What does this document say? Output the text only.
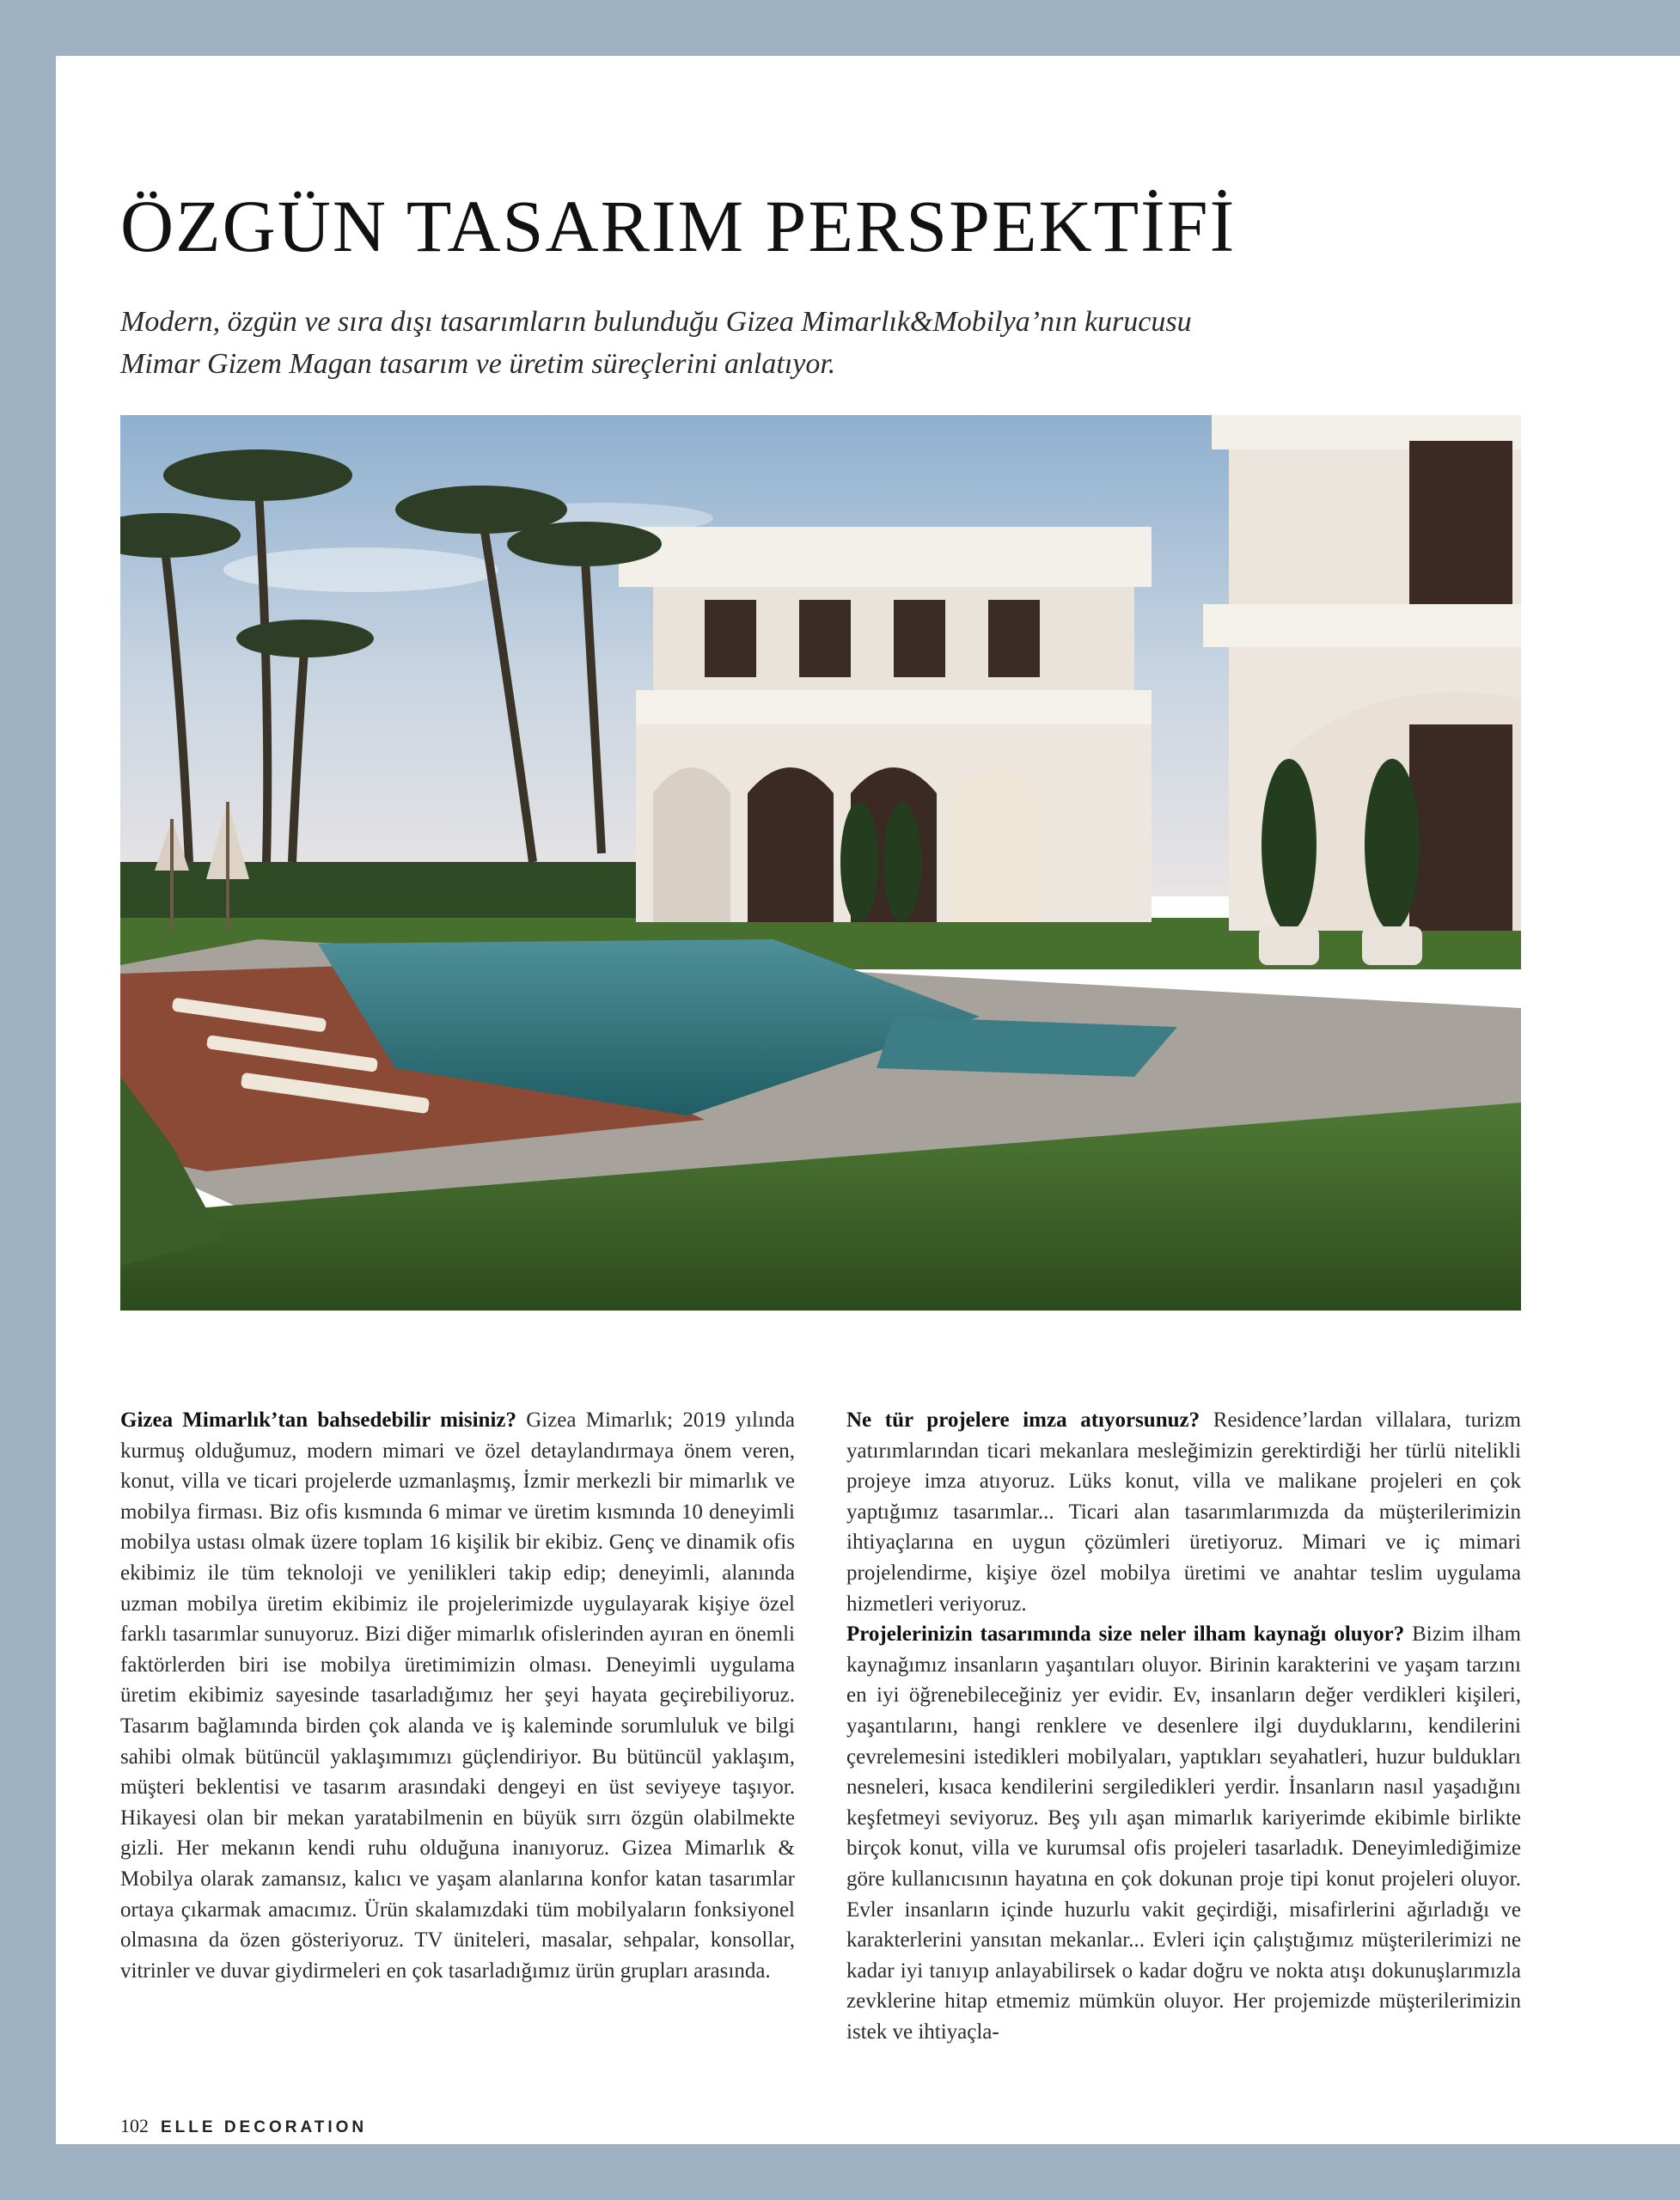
ÖZGÜN TASARIM PERSPEKTİFİ
Modern, özgün ve sıra dışı tasarımların bulunduğu Gizea Mimarlık&Mobilya’nın kurucusu
Mimar Gizem Magan tasarım ve üretim süreçlerini anlatıyor.

Gizea Mimarlık’tan bahsedebilir misiniz? Gizea Mimarlık; 2019 yılında kurmuş olduğumuz, modern mimari ve özel detaylandırmaya önem veren, konut, villa ve ticari projelerde uzmanlaşmış, İzmir merkezli bir mimarlık ve mobilya firması. Biz ofis kısmında 6 mimar ve üretim kısmında 10 deneyimli mobilya ustası olmak üzere toplam 16 kişilik bir ekibiz. Genç ve dinamik ofis ekibimiz ile tüm teknoloji ve yenilikleri takip edip; deneyimli, alanında uzman mobilya üretim ekibimiz ile projelerimizde uygulayarak kişiye özel farklı tasarımlar sunuyoruz. Bizi diğer mimarlık ofislerinden ayıran en önemli faktörlerden biri ise mobilya üretimimizin olması. Deneyimli uygulama üretim ekibimiz sayesinde tasarladığımız her şeyi hayata geçirebiliyoruz. Tasarım bağlamında birden çok alanda ve iş kaleminde sorumluluk ve bilgi sahibi olmak bütüncül yaklaşımımızı güçlendiriyor. Bu bütüncül yaklaşım, müşteri beklentisi ve tasarım arasındaki dengeyi en üst seviyeye taşıyor. Hikayesi olan bir mekan yaratabilmenin en büyük sırrı özgün olabilmekte gizli. Her mekanın kendi ruhu olduğuna inanıyoruz. Gizea Mimarlık & Mobilya olarak zamansız, kalıcı ve yaşam alanlarına konfor katan tasarımlar ortaya çıkarmak amacımız. Ürün skalamızdaki tüm mobilyaların fonksiyonel olmasına da özen gösteriyoruz. TV üniteleri, masalar, sehpalar, konsollar, vitrinler ve duvar giydirmeleri en çok tasarladığımız ürün grupları arasında.

Ne tür projelere imza atıyorsunuz? Residence’lardan villalara, turizm yatırımlarından ticari mekanlara mesleğimizin gerektirdiği her türlü nitelikli projeye imza atıyoruz. Lüks konut, villa ve malikane projeleri en çok yaptığımız tasarımlar... Ticari alan tasarımlarımızda da müşterilerimizin ihtiyaçlarına en uygun çözümleri üretiyoruz. Mimari ve iç mimari projelendirme, kişiye özel mobilya üretimi ve anahtar teslim uygulama hizmetleri veriyoruz.

Projelerinizin tasarımında size neler ilham kaynağı oluyor? Bizim ilham kaynağımız insanların yaşantıları oluyor. Birinin karakterini ve yaşam tarzını en iyi öğrenebileceğiniz yer evidir. Ev, insanların değer verdikleri kişileri, yaşantılarını, hangi renklere ve desenlere ilgi duyduklarını, kendilerini çevrelemesini istedikleri mobilyaları, yaptıkları seyahatleri, huzur buldukları nesneleri, kısaca kendilerini sergiledikleri yerdir. İnsanların nasıl yaşadığını keşfetmeyi seviyoruz. Beş yılı aşan mimarlık kariyerimde ekibimle birlikte birçok konut, villa ve kurumsal ofis projeleri tasarladık. Deneyimlediğimize göre kullanıcısının hayatına en çok dokunan proje tipi konut projeleri oluyor. Evler insanların içinde huzurlu vakit geçirdiği, misafirlerini ağırladığı ve karakterlerini yansıtan mekanlar... Evleri için çalıştığımız müşterilerimizi ne kadar iyi tanıyıp anlayabilirsek o kadar doğru ve nokta atışı dokunuşlarımızla zevklerine hitap etmemiz mümkün oluyor. Her projemizde müşterilerimizin istek ve ihtiyaçla-

102 ELLE DECORATION
